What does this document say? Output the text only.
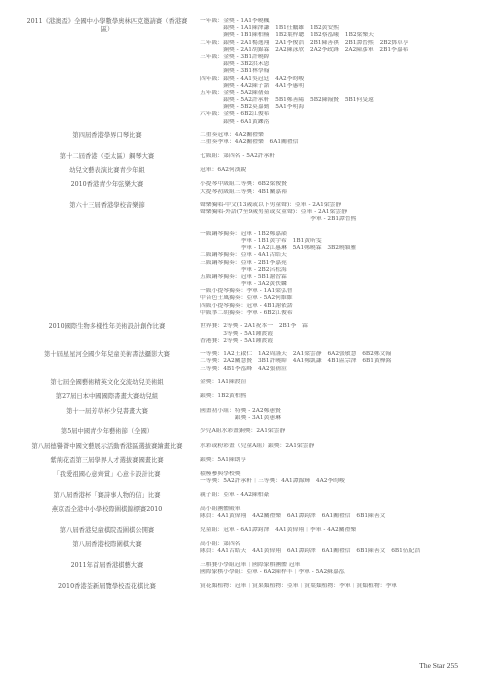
2011《港澳盃》全國中小學數學奧林匹克邀請賽（香港賽區）
一年級：金獎 - 1A1李曉楓
　　　　銀獎 - 1A1陳澤謙　1B1任鵬雄　1B2黃安熙
　　　　銅獎 - 1B1陳柏楠　1B2葉梓聰　1B2蔡泓曦　1B2梁樂天
二年級：銀獎 - 2A1楊逸翔　2A1李俊浩　2B1陳善祺　2B1譚晉熙　2B2鄧卓亨
　　　　銅獎 - 2A1胡錦霖　2A2陳泳欣　2A2李政鋒　2A2陳彥軍　2B1李嘉希
三年級：金獎 - 3B1許曉綽
　　　　銀獎 - 3B2洪禾恩
　　　　銅獎 - 3B1林學翰
四年級：銀獎 - 4A1吳冠廷　4A2李昀峻
　　　　銅獎 - 4A2陳子諾　4A1李惠明
五年級：金獎 - 5A2陳蒨茹
　　　　銀獎 - 5A2許承軒　5B1鄭善陽　5B2陳翰賢　5B1何旻遠
　　　　銅獎 - 5B2莫嘉勤　5A1李明海
六年級：金獎 - 6B2江俊希
　　　　銀獎 - 6A1黃鑠洺
第四屆香港學界口琴比賽	二重奏冠軍：4A2關禮樂
三重奏季軍：4A2關禮樂　6A1關禮信
第十二屆香港（亞太區）鋼琴大賽	七級組：第四名 - 5A2許承軒
幼兒文藝表演比賽青少年組	冠軍：6A2何漢銳
2010香港青少年弦樂大賽	小提琴中級組二等獎：6B2梁俊賢
大提琴初級組三等獎：4B1關嘉裕
第六十三屆香港學校音樂節	聲樂獨唱-中文(13歲或以下男童聲)：亞軍 - 2A1梁雲靜
聲樂獨唱-外語(7至9歲男童或女童聲)：亞軍 - 2A1梁雲靜
　　　　　　　　　　　　　　　　　　　季軍 - 2B1譚晉熙
一級鋼琴獨奏：冠軍 - 1B2鄭嘉韻
　　　　　　　季軍 - 1B1黃宇希　1B1黃昕雯
　　　　　　　季軍 - 1A2江惠琳　5A1鄭曉霖　3B2曉穎雅
二級鋼琴獨奏：亞軍 - 4A1古皓天
三級鋼琴獨奏：亞軍 - 2B1李嘉堯
　　　　　　　季軍 - 2B2呂松海
五級鋼琴獨奏：冠軍 - 5B1謝習霖
　　　　　　　季軍 - 3A2黃佚麟
一級小提琴獨奏：季軍 - 1A1梁弘智
中音色士風獨奏：亞軍 - 5A2何維維
四級小提琴獨奏：冠軍 - 4B1謝依諾
中級箏二胡獨奏：季軍 - 6B2江俊希
2010國際生物多樣性年美術設計創作比賽	世界賽：2等獎 - 2A1祝本一　2B1李　霖
　　　　3等獎 - 5A1鍾渡霞
香港賽：2等獎 - 5A1鍾渡霞
第十屆星星河全國少年兒童美術書法攝影大賽	一等獎：1A2王啟仁　1A2周謹天　2A1梁雲靜　6A2張敏慧　6B2鄭文翰
二等獎：2A2關慧賢　3B1許曉綽　4A1鄭凱謙　4B1區宗澤　6B1黃樺銘
三等獎：4B1李泓峰　4A2張蒨渲
第七屆全國藝術精英文化交流幼兒美術組	金獎：1A1陳渡渲
第27屆日本中國國際書畫大賽幼兒組	銀獎：1B2黃柏熙
第十一屆芳草杯少兒書畫大賽	國畫初小組：特獎 - 2A2鄭蕙賢
　　　　　　銀獎 - 3A1黃蕙琳
第5屆中國青少年藝術節（全國）	少兒A組水彩畫銅獎：2A1梁雲靜
第八屆德譽薈中國文藝展示活動香港區選拔賽繪畫比賽	水彩或粉彩畫（兒童A組）銀獎：2A1梁雲靜
紫荊花盃第三屆學界人才選拔賽國畫比賽	銀獎：5A1陳朗亨
「我愛祖國心意齊賞」心意卡設計比賽	積極參與學校獎
一等獎：5A2許承軒｜三等獎：4A1譚錦輝　4A2李昀峻
第八屆香港杯「賽詩事人物的信」比賽	親子組：亞軍 - 4A2陳柏豪
燕京盃全港中小學校際圍棋錦標賽2010	高小組團體殿軍
隊員：4A1黃偉翔　4A2關禮樂　6A1譚鈞澤　6A1關禮信　6B1陳善文
第八屆香港兒童棋院盃圍棋公開賽	兒童組：冠軍 - 6A1譚鈞澤　4A1黃偉翔｜季軍 - 4A2關禮樂
第八屆香港校際圍棋大賽	高小組：第四名
隊員：4A1古皓天　4A1黃偉翔　6A1譚鈞澤　6A1關禮信　6B1陳善文　6B1伍紀浩
2011年首屆香港棋藝大賽	三棋賽小學組冠軍｜國際象棋團體 冠軍
國際象棋小學組：亞軍 - 6A2陳梓丰｜季軍 - 5A2蘇嘉泓
2010香港荃新屆覽學校盃花棋比賽	賞花類植物：冠軍｜賞果類植物：亞軍｜賞葉類植物：季軍｜賞類植物：季軍
The Star 255
